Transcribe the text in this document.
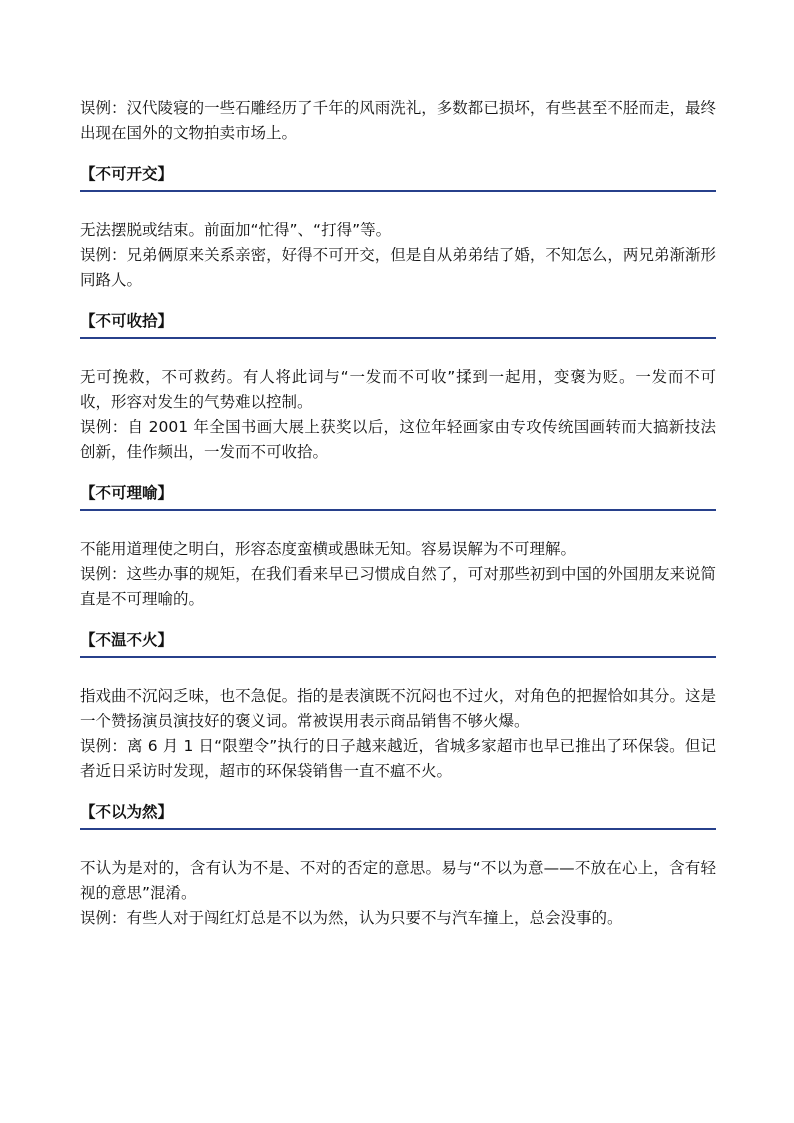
误例：汉代陵寝的一些石雕经历了千年的风雨洗礼，多数都已损坏，有些甚至不胫而走，最终出现在国外的文物拍卖市场上。

【不可开交】

无法摆脱或结束。前面加“忙得”、“打得”等。

误例：兄弟俩原来关系亲密，好得不可开交，但是自从弟弟结了婚，不知怎么，两兄弟渐渐形同路人。

【不可收拾】

无可挽救，不可救药。有人将此词与“一发而不可收”揉到一起用，变褒为贬。一发而不可收，形容对发生的气势难以控制。

误例：自 2001 年全国书画大展上获奖以后，这位年轻画家由专攻传统国画转而大搞新技法创新，佳作频出，一发而不可收拾。

【不可理喻】

不能用道理使之明白，形容态度蛮横或愚昧无知。容易误解为不可理解。

误例：这些办事的规矩，在我们看来早已习惯成自然了，可对那些初到中国的外国朋友来说简直是不可理喻的。

【不温不火】

指戏曲不沉闷乏味，也不急促。指的是表演既不沉闷也不过火，对角色的把握恰如其分。这是一个赞扬演员演技好的褒义词。常被误用表示商品销售不够火爆。

误例：离 6 月 1 日“限塑令”执行的日子越来越近，省城多家超市也早已推出了环保袋。但记者近日采访时发现，超市的环保袋销售一直不瘟不火。

【不以为然】

不认为是对的，含有认为不是、不对的否定的意思。易与“不以为意——不放在心上，含有轻视的意思”混淆。

误例：有些人对于闯红灯总是不以为然，认为只要不与汽车撞上，总会没事的。
